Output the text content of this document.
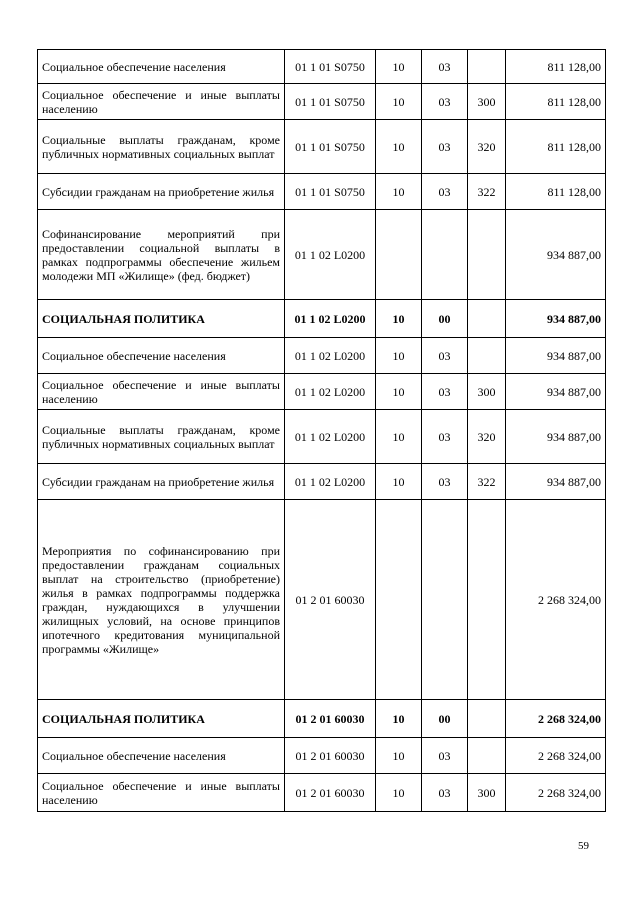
Социальное обеспечение населения	01 1 01 S0750	10	03		811 128,00
Социальное обеспечение и иные выплаты населению	01 1 01 S0750	10	03	300	811 128,00
Социальные выплаты гражданам, кроме публичных нормативных социальных выплат	01 1 01 S0750	10	03	320	811 128,00
Субсидии гражданам на приобретение жилья	01 1 01 S0750	10	03	322	811 128,00
Софинансирование мероприятий при предоставлении социальной выплаты в рамках подпрограммы обеспечение жильем молодежи МП «Жилище» (фед. бюджет)	01 1 02 L0200				934 887,00
СОЦИАЛЬНАЯ ПОЛИТИКА	01 1 02 L0200	10	00		934 887,00
Социальное обеспечение населения	01 1 02 L0200	10	03		934 887,00
Социальное обеспечение и иные выплаты населению	01 1 02 L0200	10	03	300	934 887,00
Социальные выплаты гражданам, кроме публичных нормативных социальных выплат	01 1 02 L0200	10	03	320	934 887,00
Субсидии гражданам на приобретение жилья	01 1 02 L0200	10	03	322	934 887,00
Мероприятия по софинансированию при предоставлении гражданам социальных выплат на строительство (приобретение) жилья в рамках подпрограммы поддержка граждан, нуждающихся в улучшении жилищных условий, на основе принципов ипотечного кредитования муниципальной программы «Жилище»	01 2 01 60030				2 268 324,00
СОЦИАЛЬНАЯ ПОЛИТИКА	01 2 01 60030	10	00		2 268 324,00
Социальное обеспечение населения	01 2 01 60030	10	03		2 268 324,00
Социальное обеспечение и иные выплаты населению	01 2 01 60030	10	03	300	2 268 324,00
59
